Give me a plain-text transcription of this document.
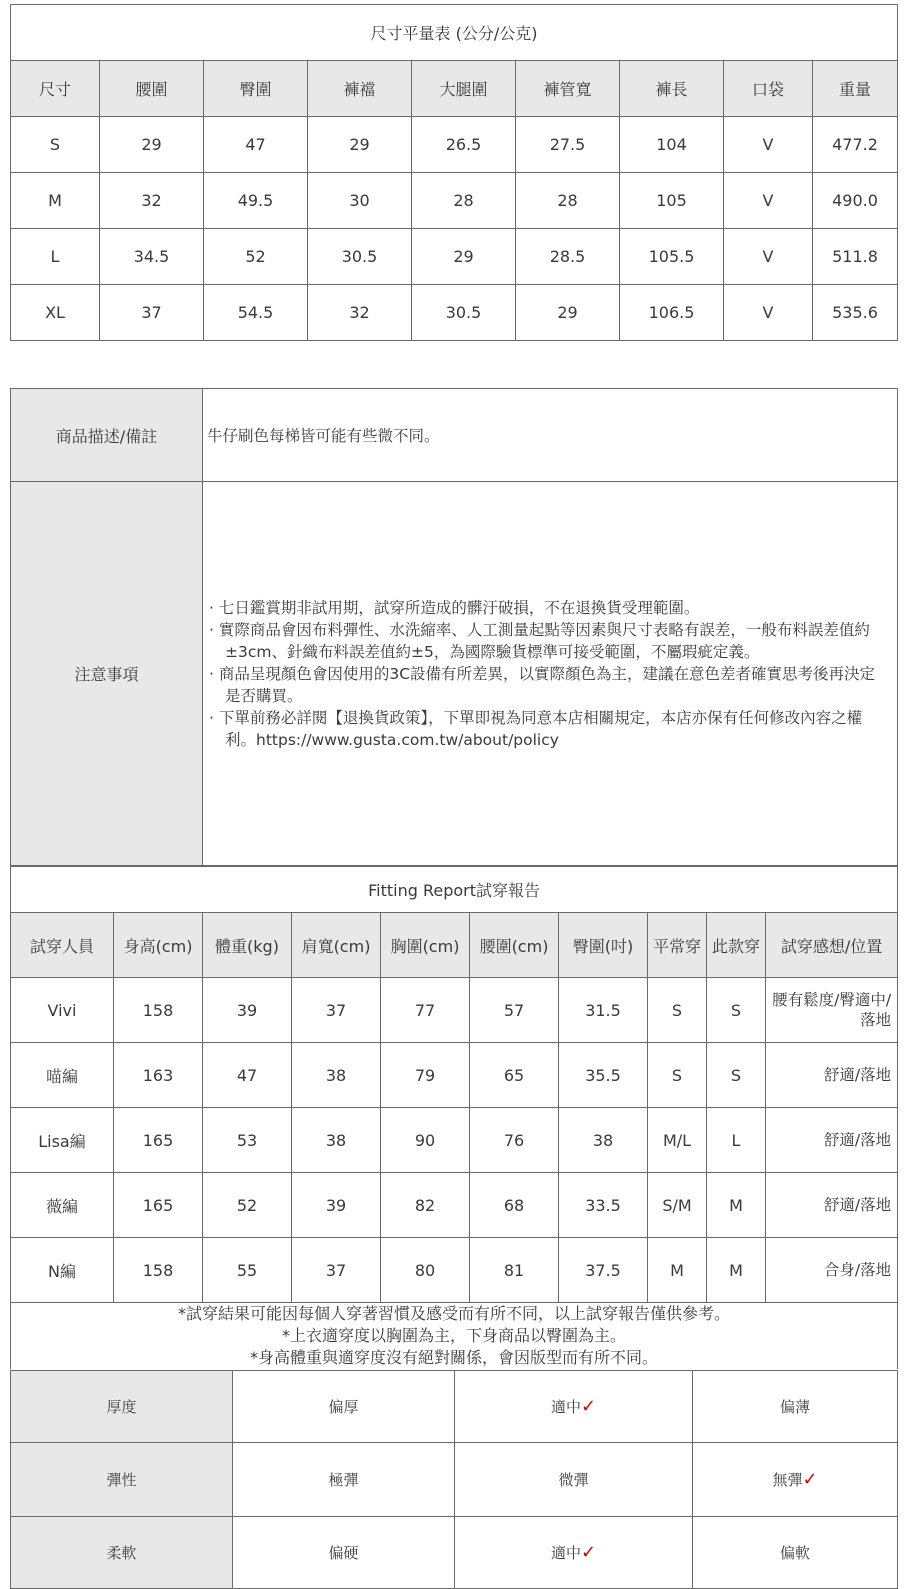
尺寸平量表 (公分/公克)								
尺寸	腰圍	臀圍	褲襠	大腿圍	褲管寬	褲長	口袋	重量
S	29	47	29	26.5	27.5	104	V	477.2
M	32	49.5	30	28	28	105	V	490.0
L	34.5	52	30.5	29	28.5	105.5	V	511.8
XL	37	54.5	32	30.5	29	106.5	V	535.6
商品描述/備註	牛仔刷色每梯皆可能有些微不同。
注意事項	· 七日鑑賞期非試用期，試穿所造成的髒汙破損，不在退換貨受理範圍。
· 實際商品會因布料彈性、水洗縮率、人工測量起點等因素與尺寸表略有誤差，一般布料誤差值約±3cm、針織布料誤差值約±5，為國際驗貨標準可接受範圍，不屬瑕疵定義。
· 商品呈現顏色會因使用的3C設備有所差異，以實際顏色為主，建議在意色差者確實思考後再決定是否購買。
· 下單前務必詳閱【退換貨政策】，下單即視為同意本店相關規定，本店亦保有任何修改內容之權利。https://www.gusta.com.tw/about/policy
Fitting Report試穿報告									
試穿人員	身高(cm)	體重(kg)	肩寬(cm)	胸圍(cm)	腰圍(cm)	臀圍(吋)	平常穿	此款穿	試穿感想/位置
Vivi	158	39	37	77	57	31.5	S	S	腰有鬆度/臀適中/落地
喵編	163	47	38	79	65	35.5	S	S	舒適/落地
Lisa編	165	53	38	90	76	38	M/L	L	舒適/落地
薇編	165	52	39	82	68	33.5	S/M	M	舒適/落地
N編	158	55	37	80	81	37.5	M	M	合身/落地

*試穿結果可能因每個人穿著習慣及感受而有所不同，以上試穿報告僅供參考。
*上衣適穿度以胸圍為主，下身商品以臀圍為主。
*身高體重與適穿度沒有絕對關係，會因版型而有所不同。									
厚度	偏厚	適中✓	偏薄
彈性	極彈	微彈	無彈✓
柔軟	偏硬	適中✓	偏軟
